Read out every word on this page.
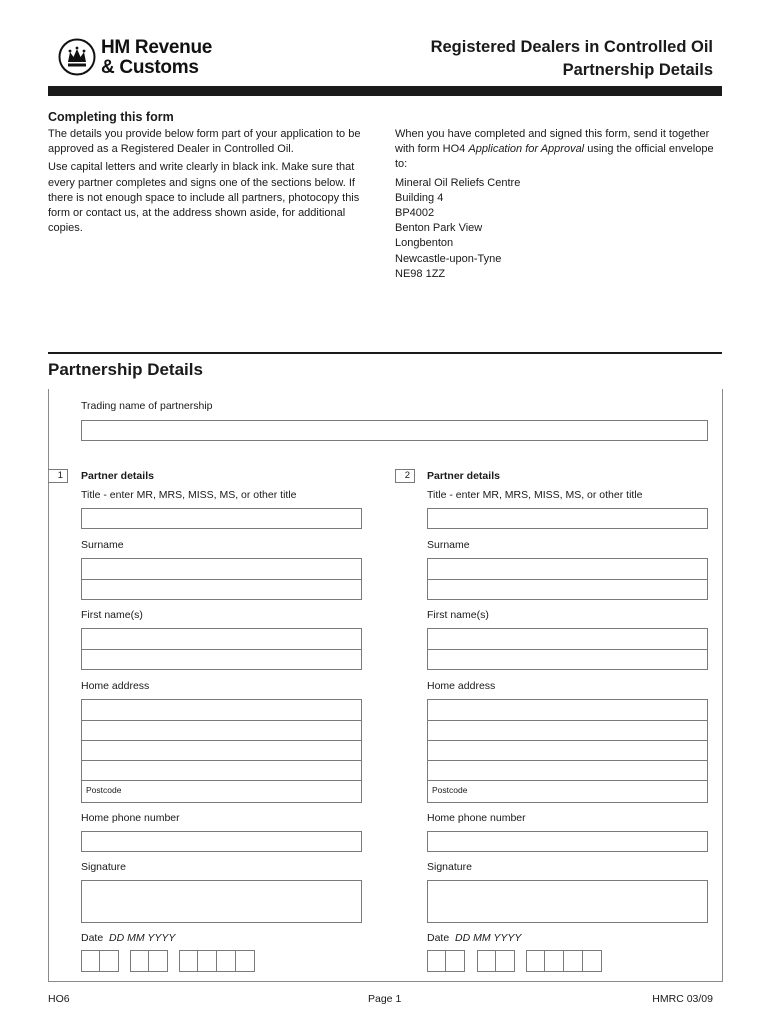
HM Revenue
& Customs
Registered Dealers in Controlled Oil
Partnership Details
Completing this form

The details you provide below form part of your application to be approved as a Registered Dealer in Controlled Oil.

Use capital letters and write clearly in black ink. Make sure that every partner completes and signs one of the sections below. If there is not enough space to include all partners, photocopy this form or contact us, at the address shown aside, for additional copies.

When you have completed and signed this form, send it together with form HO4 Application for Approval using the official envelope to:

Mineral Oil Reliefs Centre
Building 4
BP4002
Benton Park View
Longbenton
Newcastle-upon-Tyne
NE98 1ZZ
Partnership Details
Trading name of partnership
1	Partner details
Title - enter MR, MRS, MISS, MS, or other title
Surname
First name(s)
Home address
Postcode
Home phone number
Signature
Date DD MM YYYY
2	Partner details
Title - enter MR, MRS, MISS, MS, or other title
Surname
First name(s)
Home address
Postcode
Home phone number
Signature
Date DD MM YYYY
HO6	Page 1	HMRC 03/09
